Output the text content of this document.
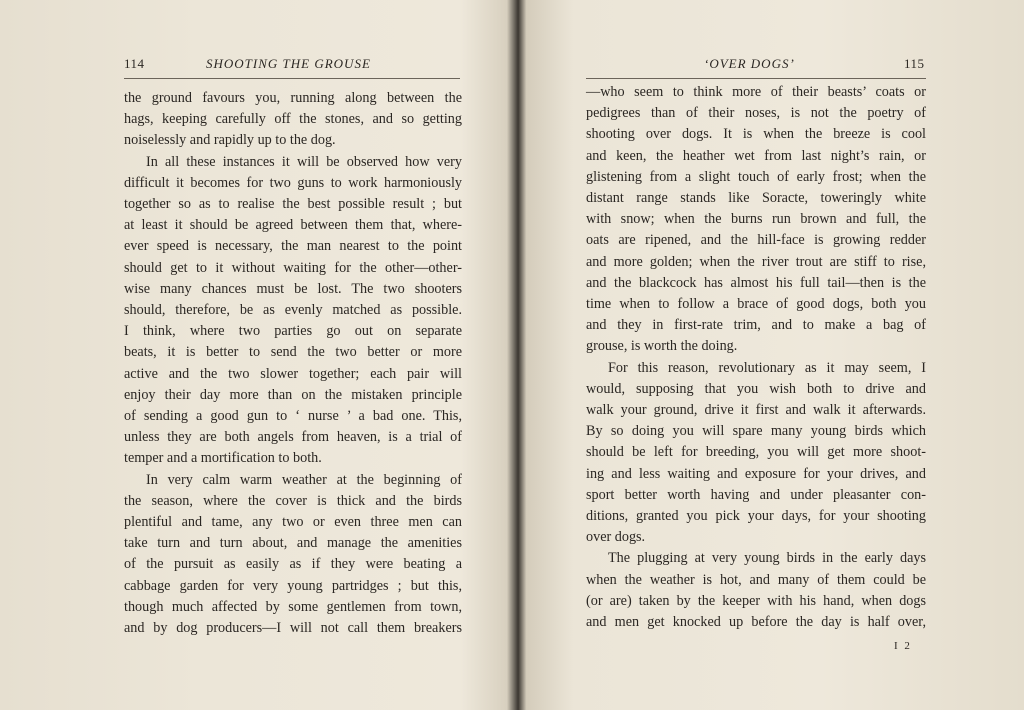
114	SHOOTING THE GROUSE
the ground favours you, running along between the
hags, keeping carefully off the stones, and so getting
noiselessly and rapidly up to the dog.
In all these instances it will be observed how very
difficult it becomes for two guns to work harmoniously
together so as to realise the best possible result ; but
at least it should be agreed between them that, where-
ever speed is necessary, the man nearest to the point
should get to it without waiting for the other—other-
wise many chances must be lost. The two shooters
should, therefore, be as evenly matched as possible.
I think, where two parties go out on separate
beats, it is better to send the two better or more
active and the two slower together; each pair will
enjoy their day more than on the mistaken principle
of sending a good gun to ‘ nurse ’ a bad one. This,
unless they are both angels from heaven, is a trial of
temper and a mortification to both.
In very calm warm weather at the beginning of
the season, where the cover is thick and the birds
plentiful and tame, any two or even three men can
take turn and turn about, and manage the amenities
of the pursuit as easily as if they were beating a
cabbage garden for very young partridges ; but this,
though much affected by some gentlemen from town,
and by dog producers—I will not call them breakers
‘OVER DOGS’	115
—who seem to think more of their beasts’ coats or
pedigrees than of their noses, is not the poetry of
shooting over dogs. It is when the breeze is cool
and keen, the heather wet from last night’s rain, or
glistening from a slight touch of early frost; when the
distant range stands like Soracte, toweringly white
with snow; when the burns run brown and full, the
oats are ripened, and the hill-face is growing redder
and more golden; when the river trout are stiff to rise,
and the blackcock has almost his full tail—then is the
time when to follow a brace of good dogs, both you
and they in first-rate trim, and to make a bag of
grouse, is worth the doing.
For this reason, revolutionary as it may seem, I
would, supposing that you wish both to drive and
walk your ground, drive it first and walk it afterwards.
By so doing you will spare many young birds which
should be left for breeding, you will get more shoot-
ing and less waiting and exposure for your drives, and
sport better worth having and under pleasanter con-
ditions, granted you pick your days, for your shooting
over dogs.
The plugging at very young birds in the early days
when the weather is hot, and many of them could be
(or are) taken by the keeper with his hand, when dogs
and men get knocked up before the day is half over,
I 2
